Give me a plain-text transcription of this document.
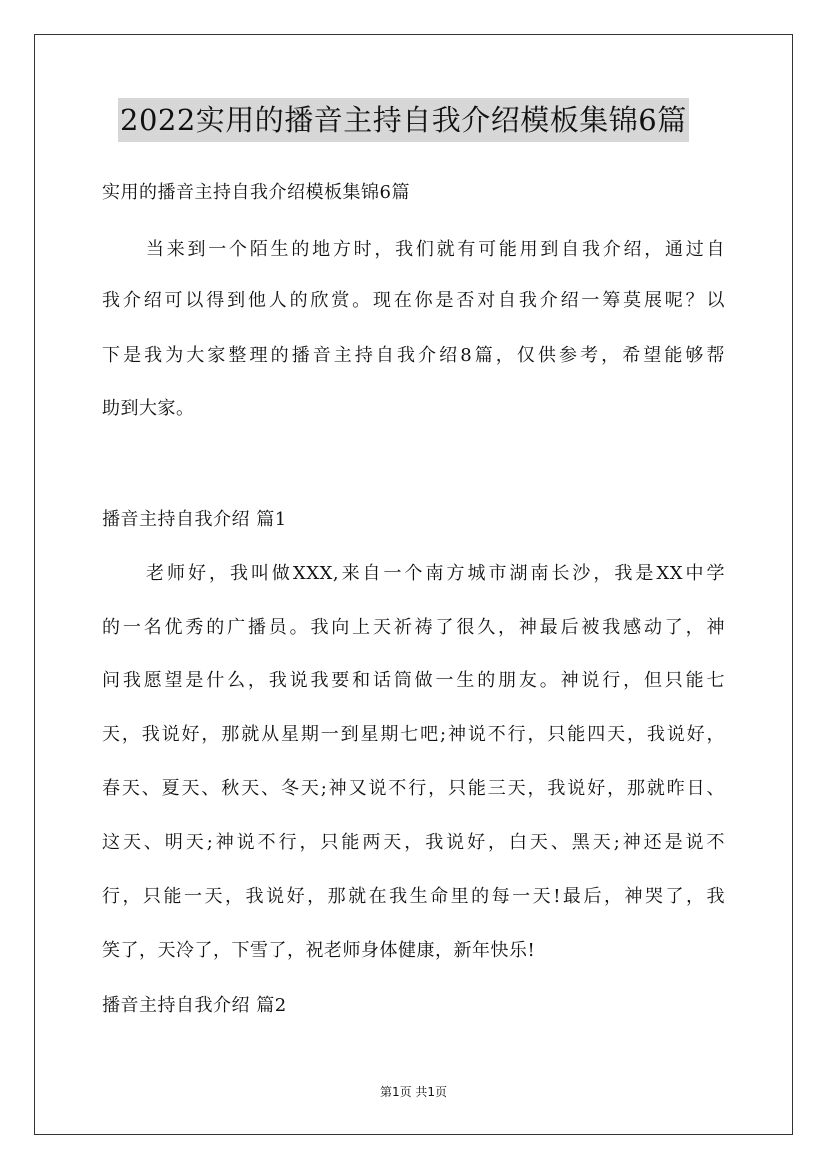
2022实用的播音主持自我介绍模板集锦6篇
实用的播音主持自我介绍模板集锦6篇
当来到一个陌生的地方时，我们就有可能用到自我介绍，通过自
我介绍可以得到他人的欣赏。现在你是否对自我介绍一筹莫展呢？以
下是我为大家整理的播音主持自我介绍8篇，仅供参考，希望能够帮
助到大家。
播音主持自我介绍 篇1
老师好，我叫做XXX,来自一个南方城市湖南长沙，我是XX中学
的一名优秀的广播员。我向上天祈祷了很久，神最后被我感动了，神
问我愿望是什么，我说我要和话筒做一生的朋友。神说行，但只能七
天，我说好，那就从星期一到星期七吧;神说不行，只能四天，我说好，
春天、夏天、秋天、冬天;神又说不行，只能三天，我说好，那就昨日、
这天、明天;神说不行，只能两天，我说好，白天、黑天;神还是说不
行，只能一天，我说好，那就在我生命里的每一天!最后，神哭了，我
笑了，天冷了，下雪了，祝老师身体健康，新年快乐!
播音主持自我介绍 篇2
第1页 共1页
